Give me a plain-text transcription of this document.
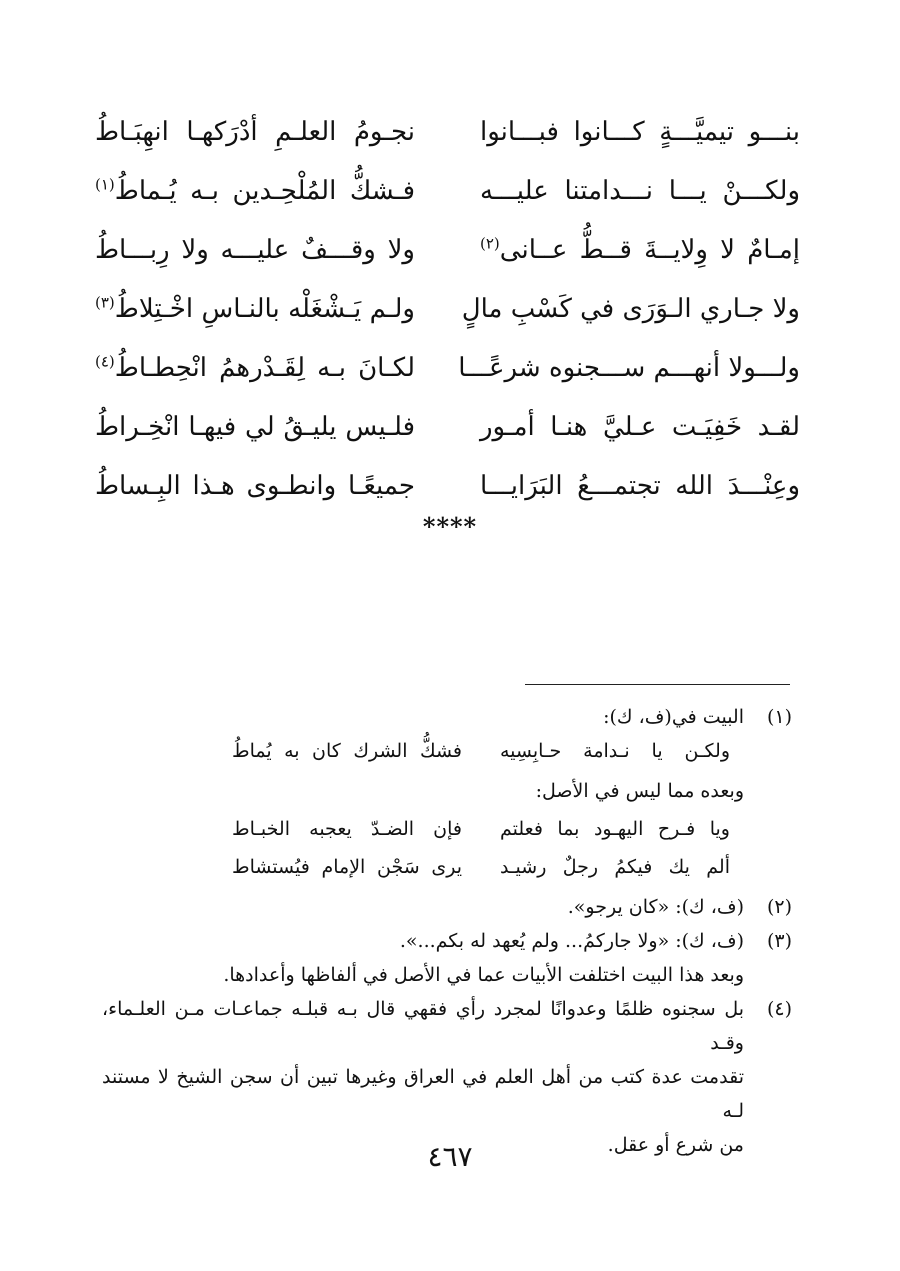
بنـــو تيميَّـــةٍ كـــانوا فبـــانوا
نجـومُ العلـمِ أدْرَكهـا انهِبَـاطُ
ولكـــنْ يـــا نـــدامتنا عليـــه
فـشكُّ المُلْحِـدين بـه يُـماطُ$^{(١)}$
إمـامٌ لا وِلايــةَ قــطُّ عــانى$^{(٢)}$
ولا وقـــفٌ عليـــه ولا رِبـــاطُ
ولا جـاري الـوَرَى في كَسْبِ مالٍ
ولـم يَـشْغَلْه بالنـاسِ اخْـتِلاطُ$^{(٣)}$
ولـــولا أنهـــم ســـجنوه شرعًـــا
لكـانَ بـه لِقَـدْرهمُ انْحِطـاطُ$^{(٤)}$
لقـد خَفِيَـت عـليَّ هنـا أمـور
فلـيس يليـقُ لي فيهـا انْخِـراطُ
وعِنْـــدَ الله تجتمـــعُ البَرَايـــا
جميعًـا وانطـوى هـذا البِـساطُ
****
(١)
البيت في(ف، ك):
ولكـن يا نـدامة حـابِسِيه
فشكُّ الشرك كان به يُماطُ
وبعده مما ليس في الأصل:
ويا فـرح اليهـود بما فعلتم
فإن الضـدّ يعجبه الخبـاط
ألم يك فيكمُ رجلٌ رشيـد
يرى سَجْن الإمام فيُستشاط
(٢)
(ف، ك): «كان يرجو».
(٣)
(ف، ك): «ولا جاركمُ... ولم يُعهد له بكم...».
وبعد هذا البيت اختلفت الأبيات عما في الأصل في ألفاظها وأعدادها.
(٤)
بل سجنوه ظلمًا وعدوانًا لمجرد رأي فقهي قال بـه قبلـه جماعـات مـن العلـماء، وقـد
تقدمت عدة كتب من أهل العلم في العراق وغيرها تبين أن سجن الشيخ لا مستند لـه
من شرع أو عقل.
٤٦٧
